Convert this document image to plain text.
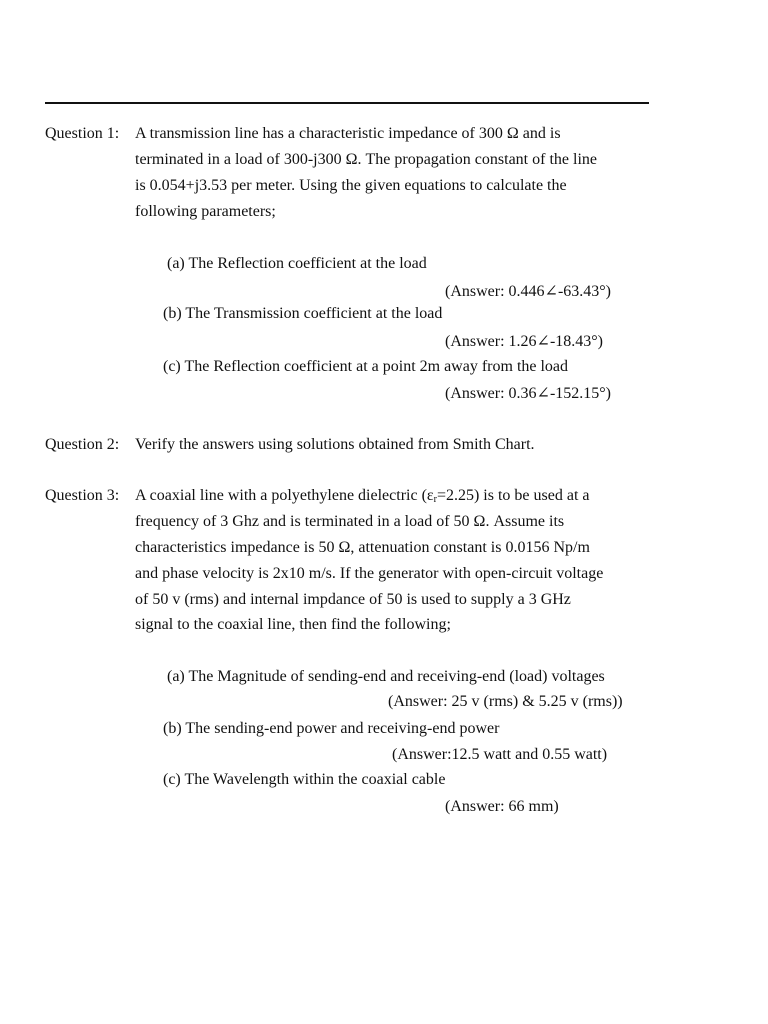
Question 1: A transmission line has a characteristic impedance of 300 Ω and is
terminated in a load of 300-j300 Ω. The propagation constant of the line
is 0.054+j3.53 per meter. Using the given equations to calculate the
following parameters;
(a) The Reflection coefficient at the load
(Answer: 0.446∠-63.43°)
(b) The Transmission coefficient at the load
(Answer: 1.26∠-18.43°)
(c) The Reflection coefficient at a point 2m away from the load
(Answer: 0.36∠-152.15°)
Question 2: Verify the answers using solutions obtained from Smith Chart.
Question 3: A coaxial line with a polyethylene dielectric $(\varepsilon_r=2.25)$ is to be used at a
frequency of 3 Ghz and is terminated in a load of 50 Ω. Assume its
characteristics impedance is 50 Ω, attenuation constant is 0.0156 Np/m
and phase velocity is 2x10 m/s. If the generator with open-circuit voltage
of 50 v (rms) and internal impdance of 50 is used to supply a 3 GHz
signal to the coaxial line, then find the following;
(a) The Magnitude of sending-end and receiving-end (load) voltages
(Answer: 25 v (rms) & 5.25 v (rms))
(b) The sending-end power and receiving-end power
(Answer:12.5 watt and 0.55 watt)
(c) The Wavelength within the coaxial cable
(Answer: 66 mm)
